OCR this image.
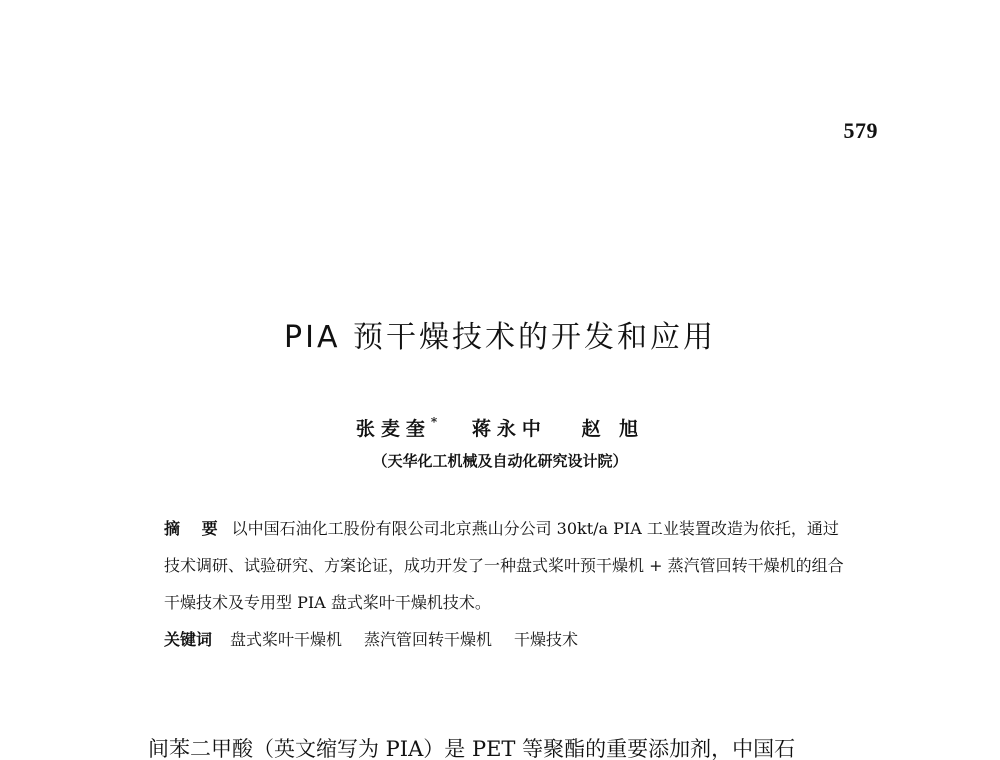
579
PIA 预干燥技术的开发和应用
张麦奎* 蒋永中 赵 旭
（天华化工机械及自动化研究设计院）

摘 要 以中国石油化工股份有限公司北京燕山分公司 30kt/a PIA 工业装置改造为依托，通过技术调研、试验研究、方案论证，成功开发了一种盘式桨叶预干燥机 + 蒸汽管回转干燥机的组合干燥技术及专用型 PIA 盘式桨叶干燥机技术。

关键词 盘式桨叶干燥机 蒸汽管回转干燥机 干燥技术

间苯二甲酸（英文缩写为 PIA）是 PET 等聚酯的重要添加剂，中国石
